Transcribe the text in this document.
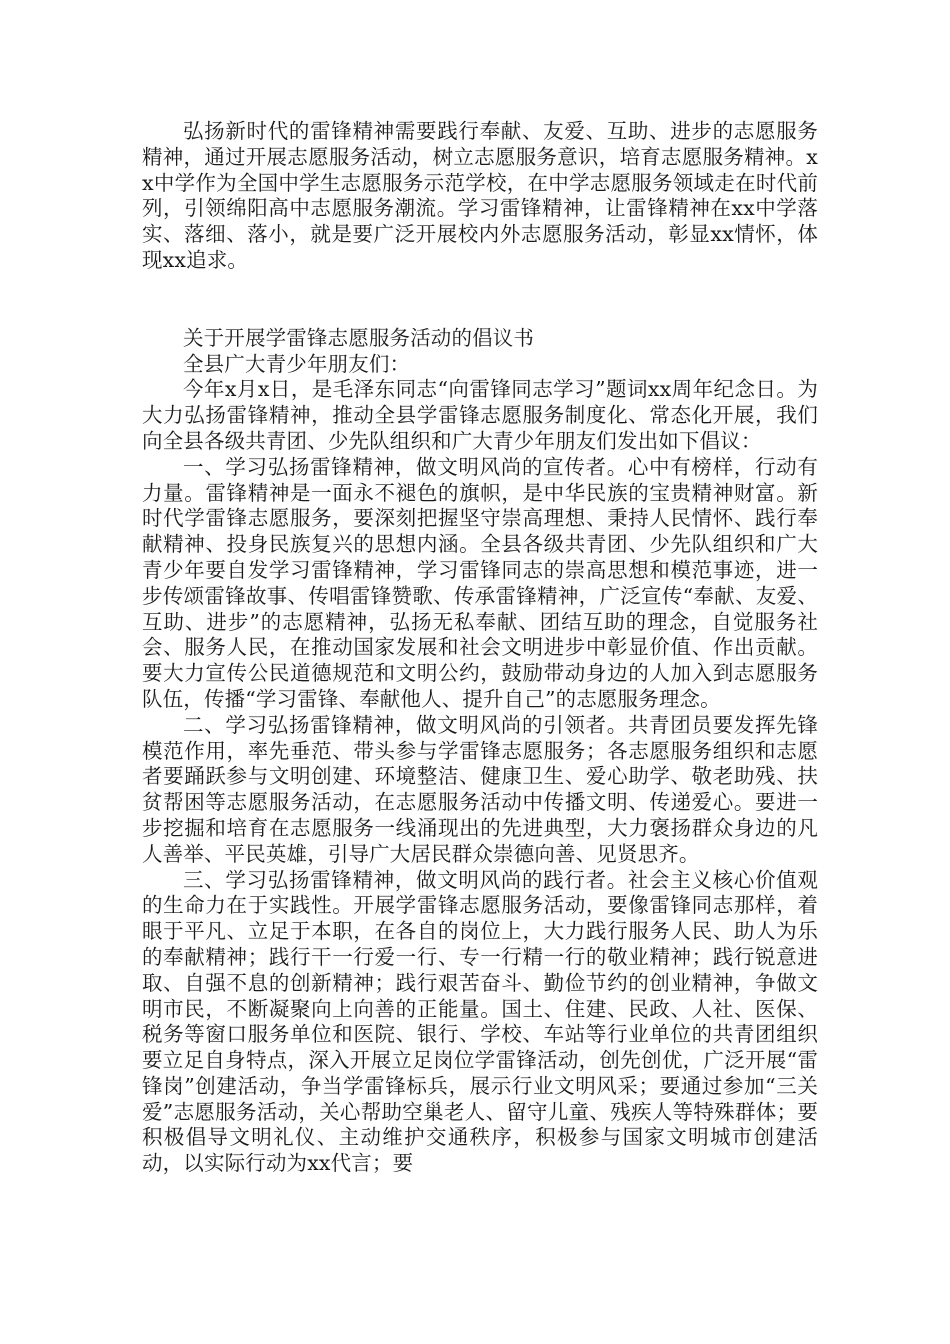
弘扬新时代的雷锋精神需要践行奉献、友爱、互助、进步的志愿服务精神，通过开展志愿服务活动，树立志愿服务意识，培育志愿服务精神。xx中学作为全国中学生志愿服务示范学校，在中学志愿服务领域走在时代前列，引领绵阳高中志愿服务潮流。学习雷锋精神，让雷锋精神在xx中学落实、落细、落小，就是要广泛开展校内外志愿服务活动，彰显xx情怀，体现xx追求。

关于开展学雷锋志愿服务活动的倡议书

全县广大青少年朋友们：

今年x月x日，是毛泽东同志“向雷锋同志学习”题词xx周年纪念日。为大力弘扬雷锋精神，推动全县学雷锋志愿服务制度化、常态化开展，我们向全县各级共青团、少先队组织和广大青少年朋友们发出如下倡议：

一、学习弘扬雷锋精神，做文明风尚的宣传者。心中有榜样，行动有力量。雷锋精神是一面永不褪色的旗帜，是中华民族的宝贵精神财富。新时代学雷锋志愿服务，要深刻把握坚守崇高理想、秉持人民情怀、践行奉献精神、投身民族复兴的思想内涵。全县各级共青团、少先队组织和广大青少年要自发学习雷锋精神，学习雷锋同志的崇高思想和模范事迹，进一步传颂雷锋故事、传唱雷锋赞歌、传承雷锋精神，广泛宣传“奉献、友爱、互助、进步”的志愿精神，弘扬无私奉献、团结互助的理念，自觉服务社会、服务人民，在推动国家发展和社会文明进步中彰显价值、作出贡献。要大力宣传公民道德规范和文明公约，鼓励带动身边的人加入到志愿服务队伍，传播“学习雷锋、奉献他人、提升自己”的志愿服务理念。

二、学习弘扬雷锋精神，做文明风尚的引领者。共青团员要发挥先锋模范作用，率先垂范、带头参与学雷锋志愿服务；各志愿服务组织和志愿者要踊跃参与文明创建、环境整洁、健康卫生、爱心助学、敬老助残、扶贫帮困等志愿服务活动，在志愿服务活动中传播文明、传递爱心。要进一步挖掘和培育在志愿服务一线涌现出的先进典型，大力褒扬群众身边的凡人善举、平民英雄，引导广大居民群众崇德向善、见贤思齐。

三、学习弘扬雷锋精神，做文明风尚的践行者。社会主义核心价值观的生命力在于实践性。开展学雷锋志愿服务活动，要像雷锋同志那样，着眼于平凡、立足于本职，在各自的岗位上，大力践行服务人民、助人为乐的奉献精神；践行干一行爱一行、专一行精一行的敬业精神；践行锐意进取、自强不息的创新精神；践行艰苦奋斗、勤俭节约的创业精神，争做文明市民，不断凝聚向上向善的正能量。国土、住建、民政、人社、医保、税务等窗口服务单位和医院、银行、学校、车站等行业单位的共青团组织要立足自身特点，深入开展立足岗位学雷锋活动，创先创优，广泛开展“雷锋岗”创建活动，争当学雷锋标兵，展示行业文明风采；要通过参加“三关爱”志愿服务活动，关心帮助空巢老人、留守儿童、残疾人等特殊群体；要积极倡导文明礼仪、主动维护交通秩序，积极参与国家文明城市创建活动，以实际行动为xx代言；要
